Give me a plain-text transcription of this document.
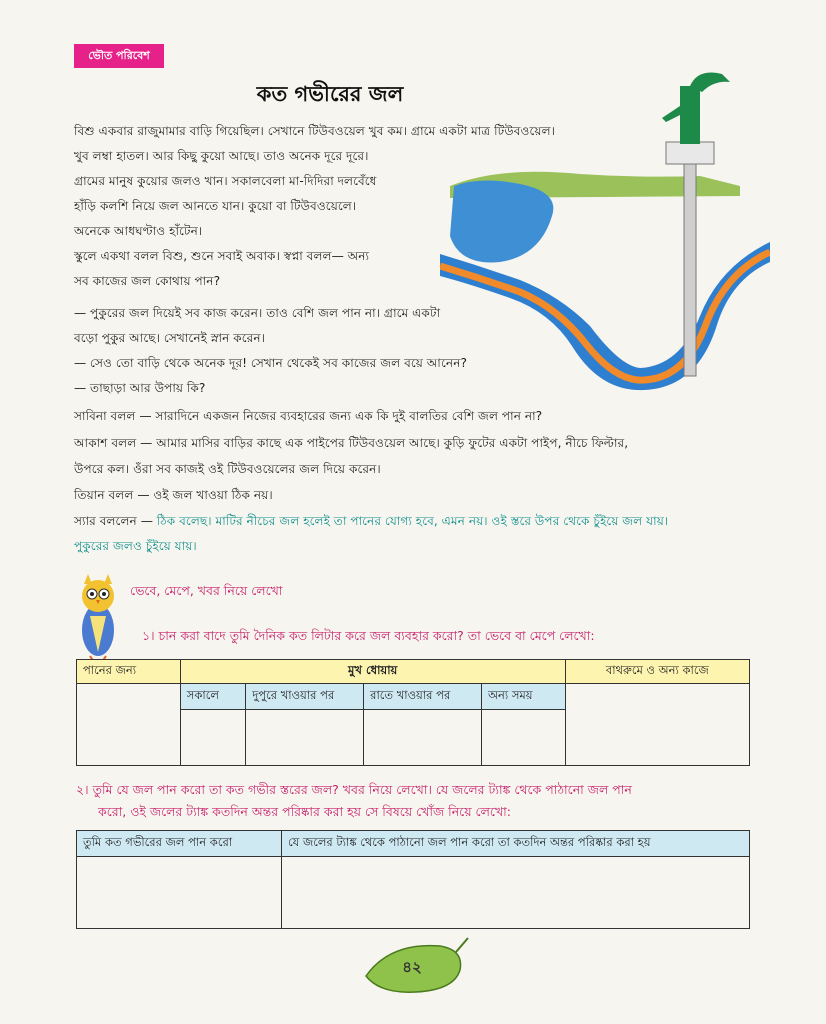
ভৌত পরিবেশ
কত গভীরের জল
বিশু একবার রাজুমামার বাড়ি গিয়েছিল। সেখানে টিউবওয়েল খুব কম। গ্রামে একটা মাত্র টিউবওয়েল।
খুব লম্বা হাতল। আর কিছু কুয়ো আছে। তাও অনেক দূরে দূরে।
গ্রামের মানুষ কুয়োর জলও খান। সকালবেলা মা-দিদিরা দলবেঁধে
হাঁড়ি কলশি নিয়ে জল আনতে যান। কুয়ো বা টিউবওয়েলে।
অনেকে আধঘণ্টাও হাঁটেন।
স্কুলে একথা বলল বিশু, শুনে সবাই অবাক। স্বপ্না বলল— অন্য
সব কাজের জল কোথায় পান?
— পুকুরের জল দিয়েই সব কাজ করেন। তাও বেশি জল পান না। গ্রামে একটা
বড়ো পুকুর আছে। সেখানেই স্নান করেন।
— সেও তো বাড়ি থেকে অনেক দূর! সেখান থেকেই সব কাজের জল বয়ে আনেন?
— তাছাড়া আর উপায় কি?
সাবিনা বলল — সারাদিনে একজন নিজের ব্যবহারের জন্য এক কি দুই বালতির বেশি জল পান না?
আকাশ বলল — আমার মাসির বাড়ির কাছে এক পাইপের টিউবওয়েল আছে। কুড়ি ফুটের একটা পাইপ, নীচে ফিল্টার,
উপরে কল। ওঁরা সব কাজই ওই টিউবওয়েলের জল দিয়ে করেন।
তিয়ান বলল — ওই জল খাওয়া ঠিক নয়।
স্যার বললেন — ঠিক বলেছ। মাটির নীচের জল হলেই তা পানের যোগ্য হবে, এমন নয়। ওই স্তরে উপর থেকে চুঁইয়ে জল যায়।
পুকুরের জলও চুঁইয়ে যায়।
ভেবে, মেপে, খবর নিয়ে লেখো
১। চান করা বাদে তুমি দৈনিক কত লিটার করে জল ব্যবহার করো? তা ভেবে বা মেপে লেখো:
পানের জন্য	মুখ ধোয়ায়				বাথরুমে ও অন্য কাজে
	সকালে	দুপুরে খাওয়ার পর	রাতে খাওয়ার পর	অন্য সময়	

২। তুমি যে জল পান করো তা কত গভীর স্তরের জল? খবর নিয়ে লেখো। যে জলের ট্যাঙ্ক থেকে পাঠানো জল পান
করো, ওই জলের ট্যাঙ্ক কতদিন অন্তর পরিষ্কার করা হয় সে বিষয়ে খোঁজ নিয়ে লেখো:
তুমি কত গভীরের জল পান করো	যে জলের ট্যাঙ্ক থেকে পাঠানো জল পান করো তা কতদিন অন্তর পরিষ্কার করা হয়

৪২
